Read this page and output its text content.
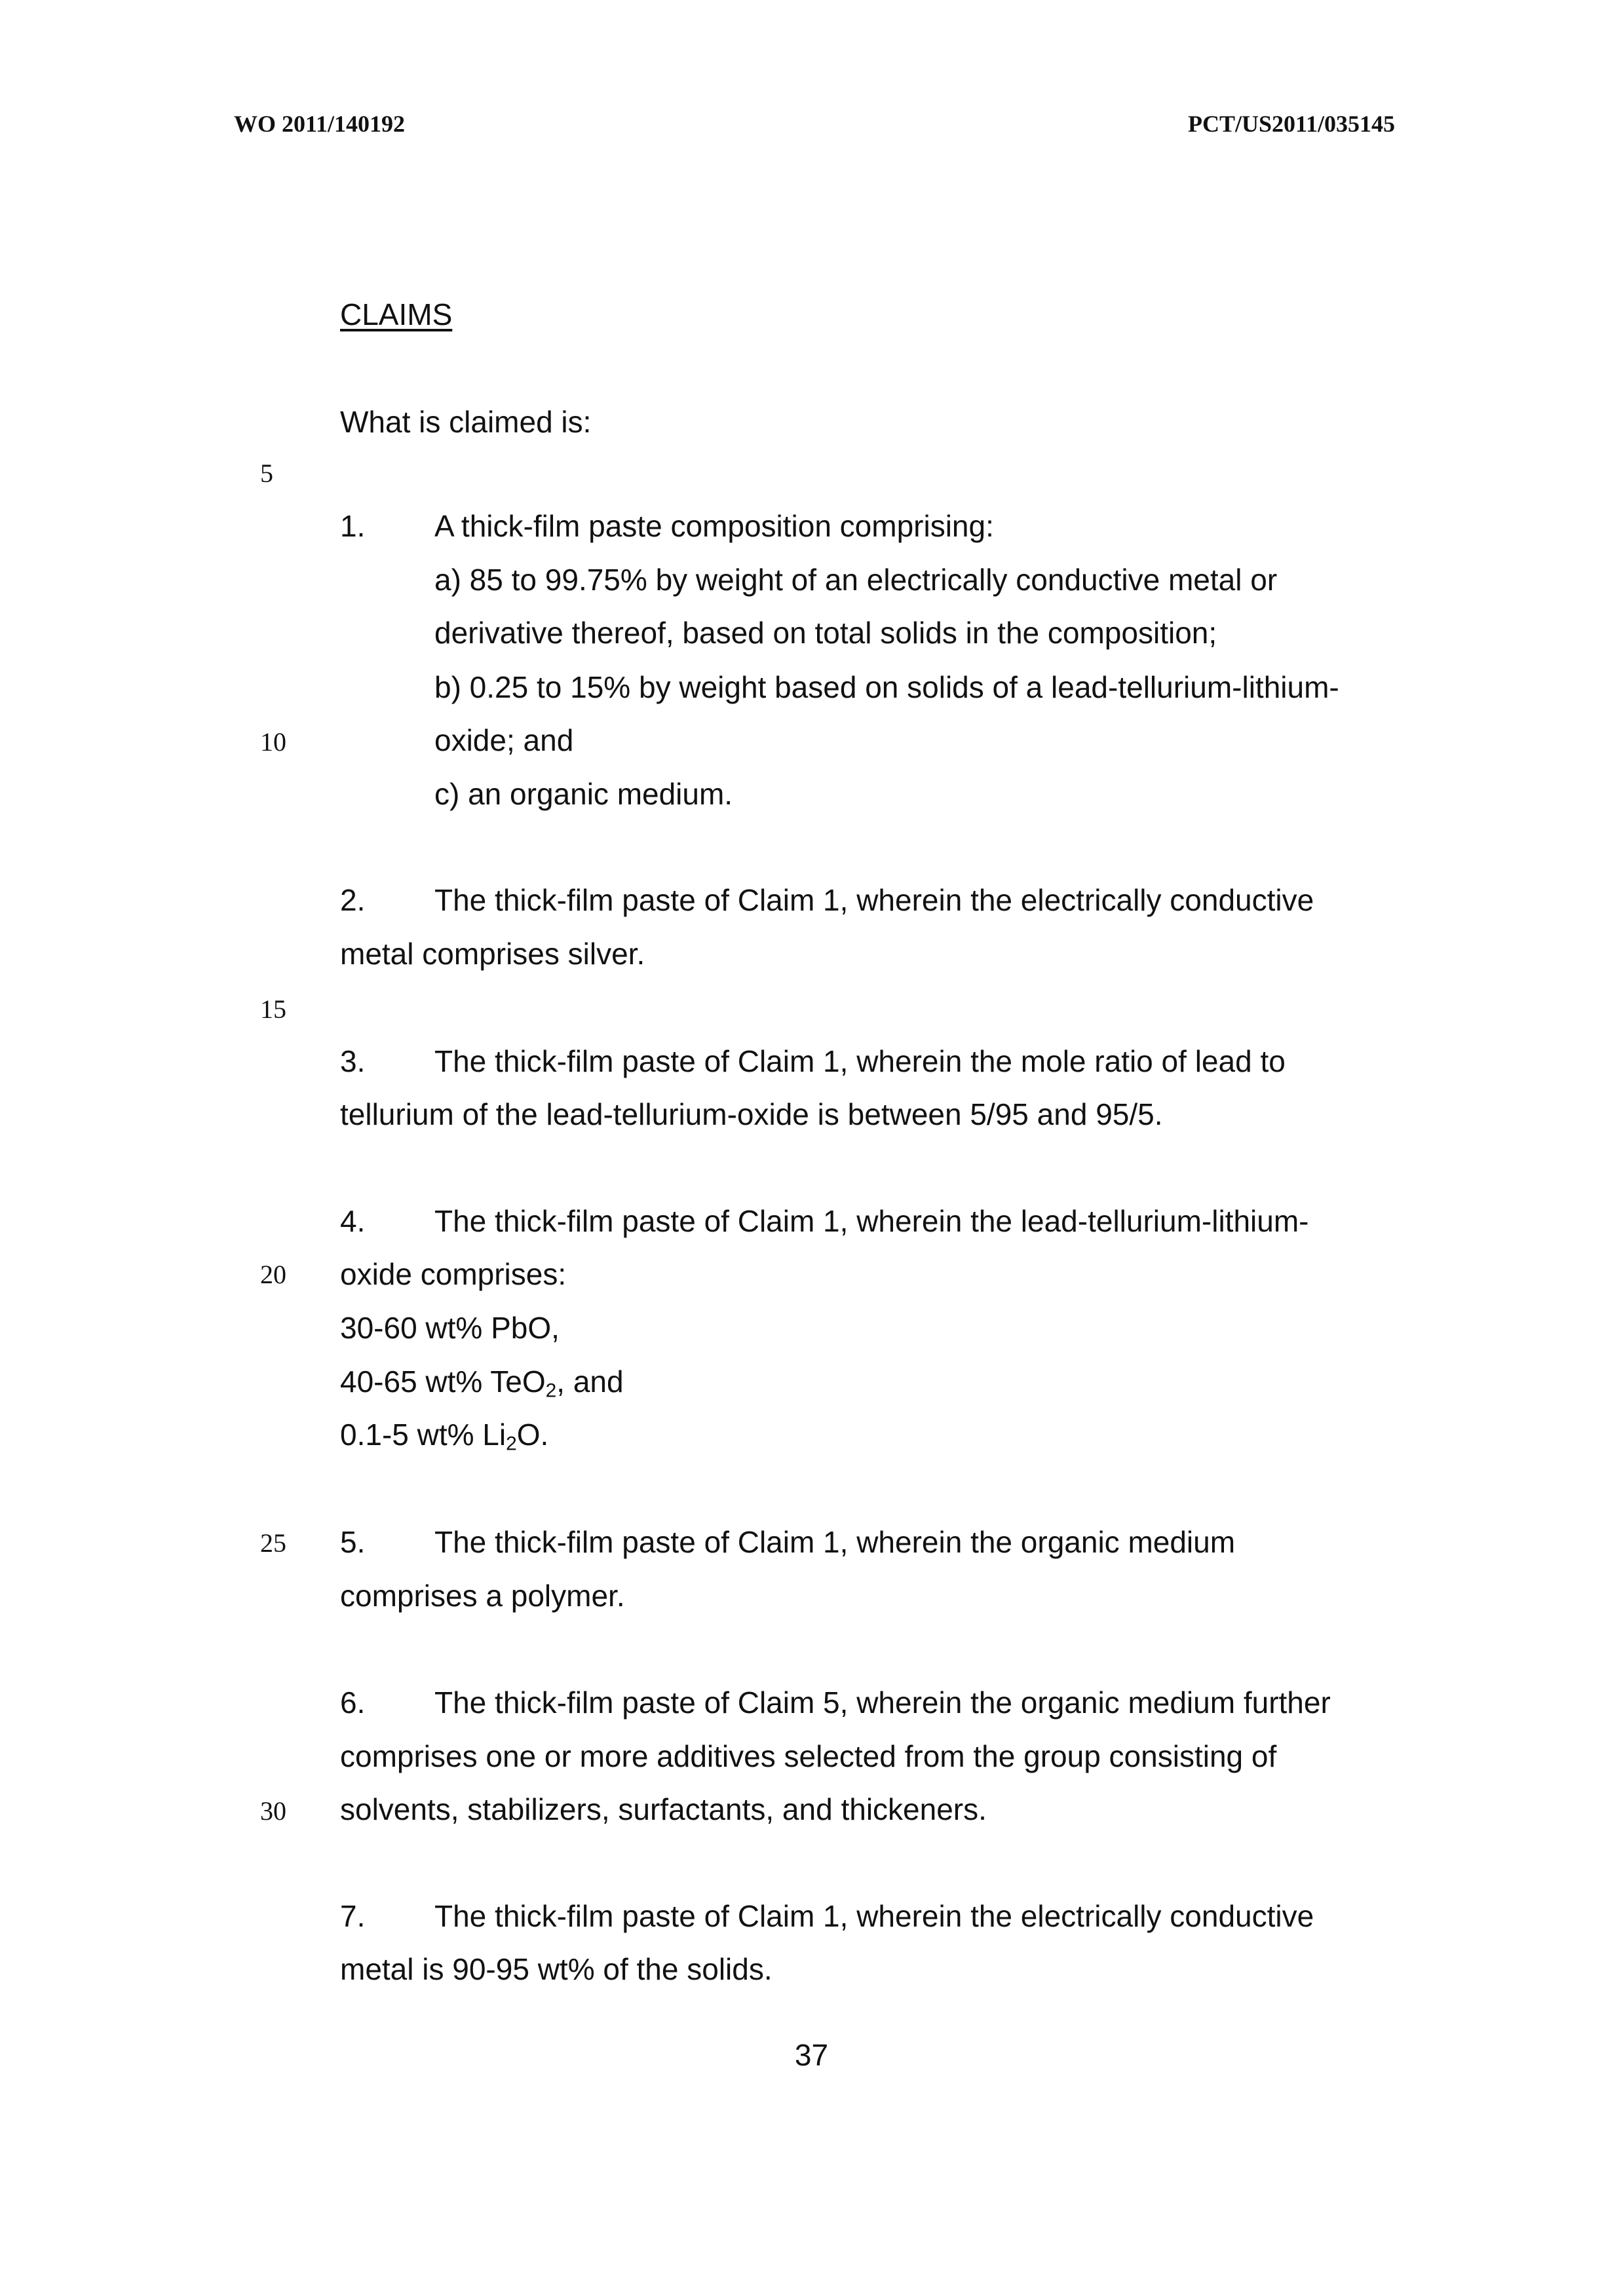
WO 2011/140192	PCT/US2011/035145
CLAIMS
What is claimed is:
5
10
15
20
25
30
1. A thick-film paste composition comprising:
a) 85 to 99.75% by weight of an electrically conductive metal or
derivative thereof, based on total solids in the composition;
b) 0.25 to 15% by weight based on solids of a lead-tellurium-lithium-
oxide; and
c) an organic medium.
2. The thick-film paste of Claim 1, wherein the electrically conductive
metal comprises silver.
3. The thick-film paste of Claim 1, wherein the mole ratio of lead to
tellurium of the lead-tellurium-oxide is between 5/95 and 95/5.
4. The thick-film paste of Claim 1, wherein the lead-tellurium-lithium-
oxide comprises:
30-60 wt% PbO,
40-65 wt% TeO$_2$, and
0.1-5 wt% $Li_2O$.
5. The thick-film paste of Claim 1, wherein the organic medium
comprises a polymer.
6. The thick-film paste of Claim 5, wherein the organic medium further
comprises one or more additives selected from the group consisting of
solvents, stabilizers, surfactants, and thickeners.
7. The thick-film paste of Claim 1, wherein the electrically conductive
metal is 90-95 wt% of the solids.
37
